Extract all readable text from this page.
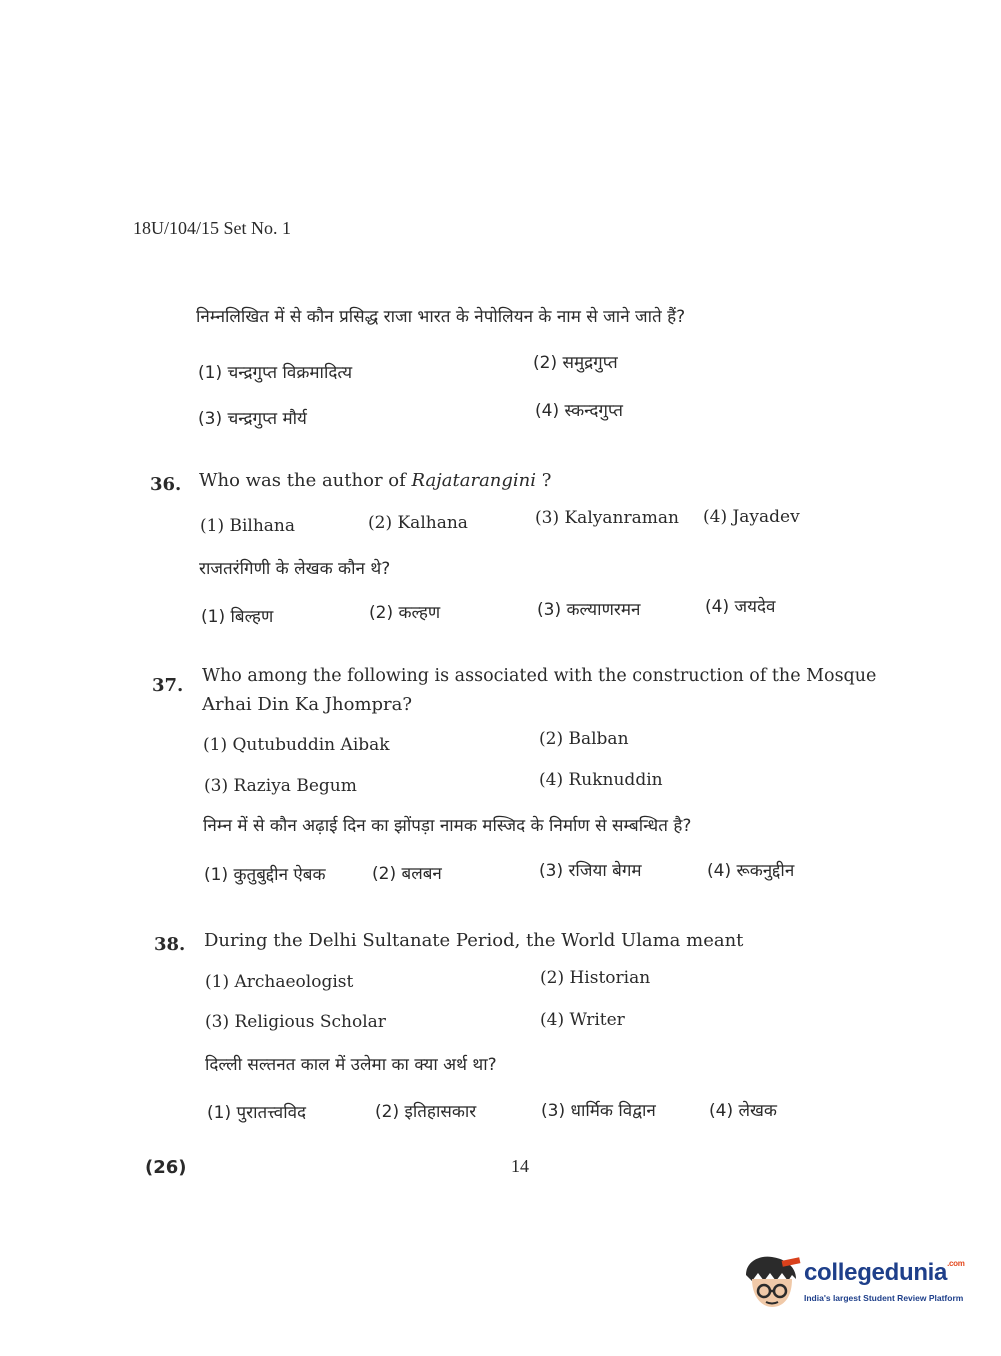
18U/104/15 Set No. 1
निम्नलिखित में से कौन प्रसिद्ध राजा भारत के नेपोलियन के नाम से जाने जाते हैं?
(1) चन्द्रगुप्त विक्रमादित्य	(2) समुद्रगुप्त
(3) चन्द्रगुप्त मौर्य	(4) स्कन्दगुप्त
36. Who was the author of Rajatarangini ?
(1) Bilhana	(2) Kalhana	(3) Kalyanraman (4) Jayadev
राजतरंगिणी के लेखक कौन थे?
(1) बिल्हण	(2) कल्हण	(3) कल्याणरमन	(4) जयदेव
37. Who among the following is associated with the construction of the Mosque
Arhai Din Ka Jhompra?
(1) Qutubuddin Aibak	(2) Balban
(3) Raziya Begum	(4) Ruknuddin
निम्न में से कौन अढ़ाई दिन का झोंपड़ा नामक मस्जिद के निर्माण से सम्बन्धित है?
(1) कुतुबुद्दीन ऐबक	(2) बलबन	(3) रजिया बेगम	(4) रूकनुद्दीन
38. During the Delhi Sultanate Period, the World Ulama meant
(1) Archaeologist	(2) Historian
(3) Religious Scholar	(4) Writer
दिल्ली सल्तनत काल में उलेमा का क्या अर्थ था?
(1) पुरातत्त्वविद	(2) इतिहासकार	(3) धार्मिक विद्वान	(4) लेखक
(26)	14
collegedunia$^{.com}$
India's largest Student Review Platform
